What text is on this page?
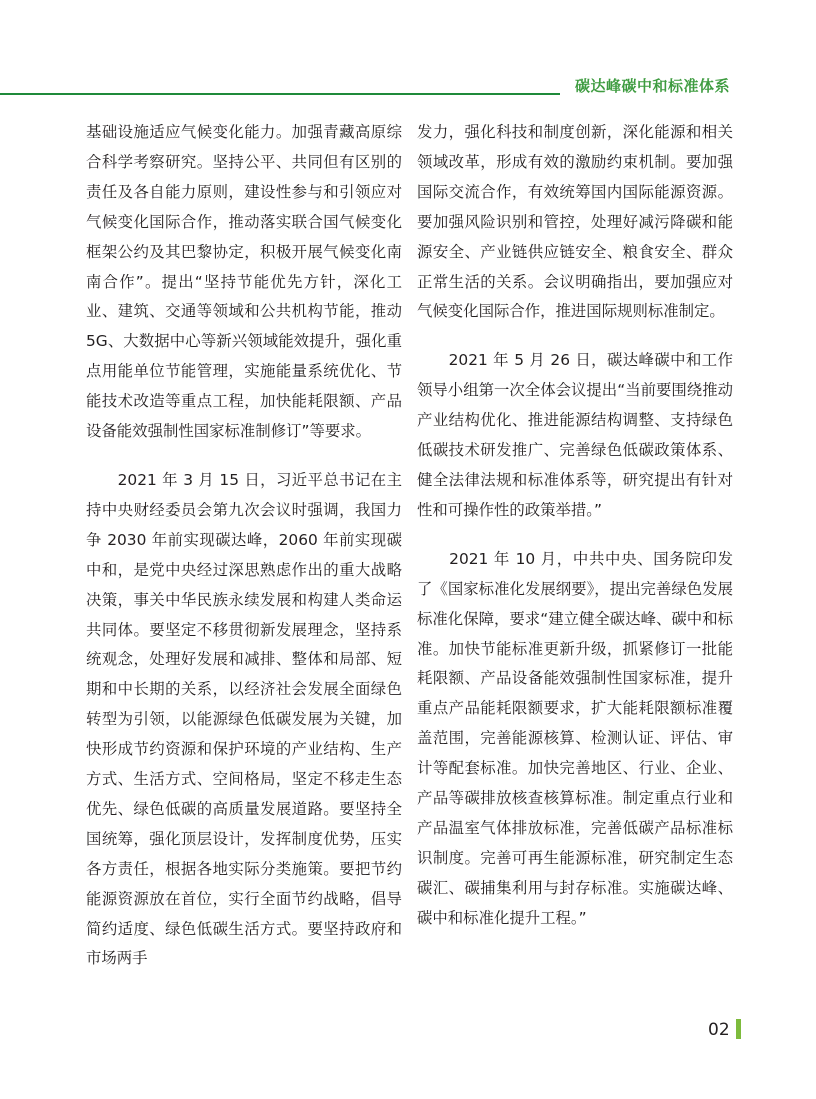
碳达峰碳中和标准体系

基础设施适应气候变化能力。加强青藏高原综合科学考察研究。坚持公平、共同但有区别的责任及各自能力原则，建设性参与和引领应对气候变化国际合作，推动落实联合国气候变化框架公约及其巴黎协定，积极开展气候变化南南合作”。提出“坚持节能优先方针，深化工业、建筑、交通等领域和公共机构节能，推动 5G、大数据中心等新兴领域能效提升，强化重点用能单位节能管理，实施能量系统优化、节能技术改造等重点工程，加快能耗限额、产品设备能效强制性国家标准制修订”等要求。

　　2021 年 3 月 15 日，习近平总书记在主持中央财经委员会第九次会议时强调，我国力争 2030 年前实现碳达峰，2060 年前实现碳中和，是党中央经过深思熟虑作出的重大战略决策，事关中华民族永续发展和构建人类命运共同体。要坚定不移贯彻新发展理念，坚持系统观念，处理好发展和减排、整体和局部、短期和中长期的关系，以经济社会发展全面绿色转型为引领，以能源绿色低碳发展为关键，加快形成节约资源和保护环境的产业结构、生产方式、生活方式、空间格局，坚定不移走生态优先、绿色低碳的高质量发展道路。要坚持全国统筹，强化顶层设计，发挥制度优势，压实各方责任，根据各地实际分类施策。要把节约能源资源放在首位，实行全面节约战略，倡导简约适度、绿色低碳生活方式。要坚持政府和市场两手

发力，强化科技和制度创新，深化能源和相关领域改革，形成有效的激励约束机制。要加强国际交流合作，有效统筹国内国际能源资源。要加强风险识别和管控，处理好减污降碳和能源安全、产业链供应链安全、粮食安全、群众正常生活的关系。会议明确指出，要加强应对气候变化国际合作，推进国际规则标准制定。

　　2021 年 5 月 26 日，碳达峰碳中和工作领导小组第一次全体会议提出“当前要围绕推动产业结构优化、推进能源结构调整、支持绿色低碳技术研发推广、完善绿色低碳政策体系、健全法律法规和标准体系等，研究提出有针对性和可操作性的政策举措。”

　　2021 年 10 月，中共中央、国务院印发了《国家标准化发展纲要》，提出完善绿色发展标准化保障，要求“建立健全碳达峰、碳中和标准。加快节能标准更新升级，抓紧修订一批能耗限额、产品设备能效强制性国家标准，提升重点产品能耗限额要求，扩大能耗限额标准覆盖范围，完善能源核算、检测认证、评估、审计等配套标准。加快完善地区、行业、企业、产品等碳排放核查核算标准。制定重点行业和产品温室气体排放标准，完善低碳产品标准标识制度。完善可再生能源标准，研究制定生态碳汇、碳捕集利用与封存标准。实施碳达峰、碳中和标准化提升工程。”

02
